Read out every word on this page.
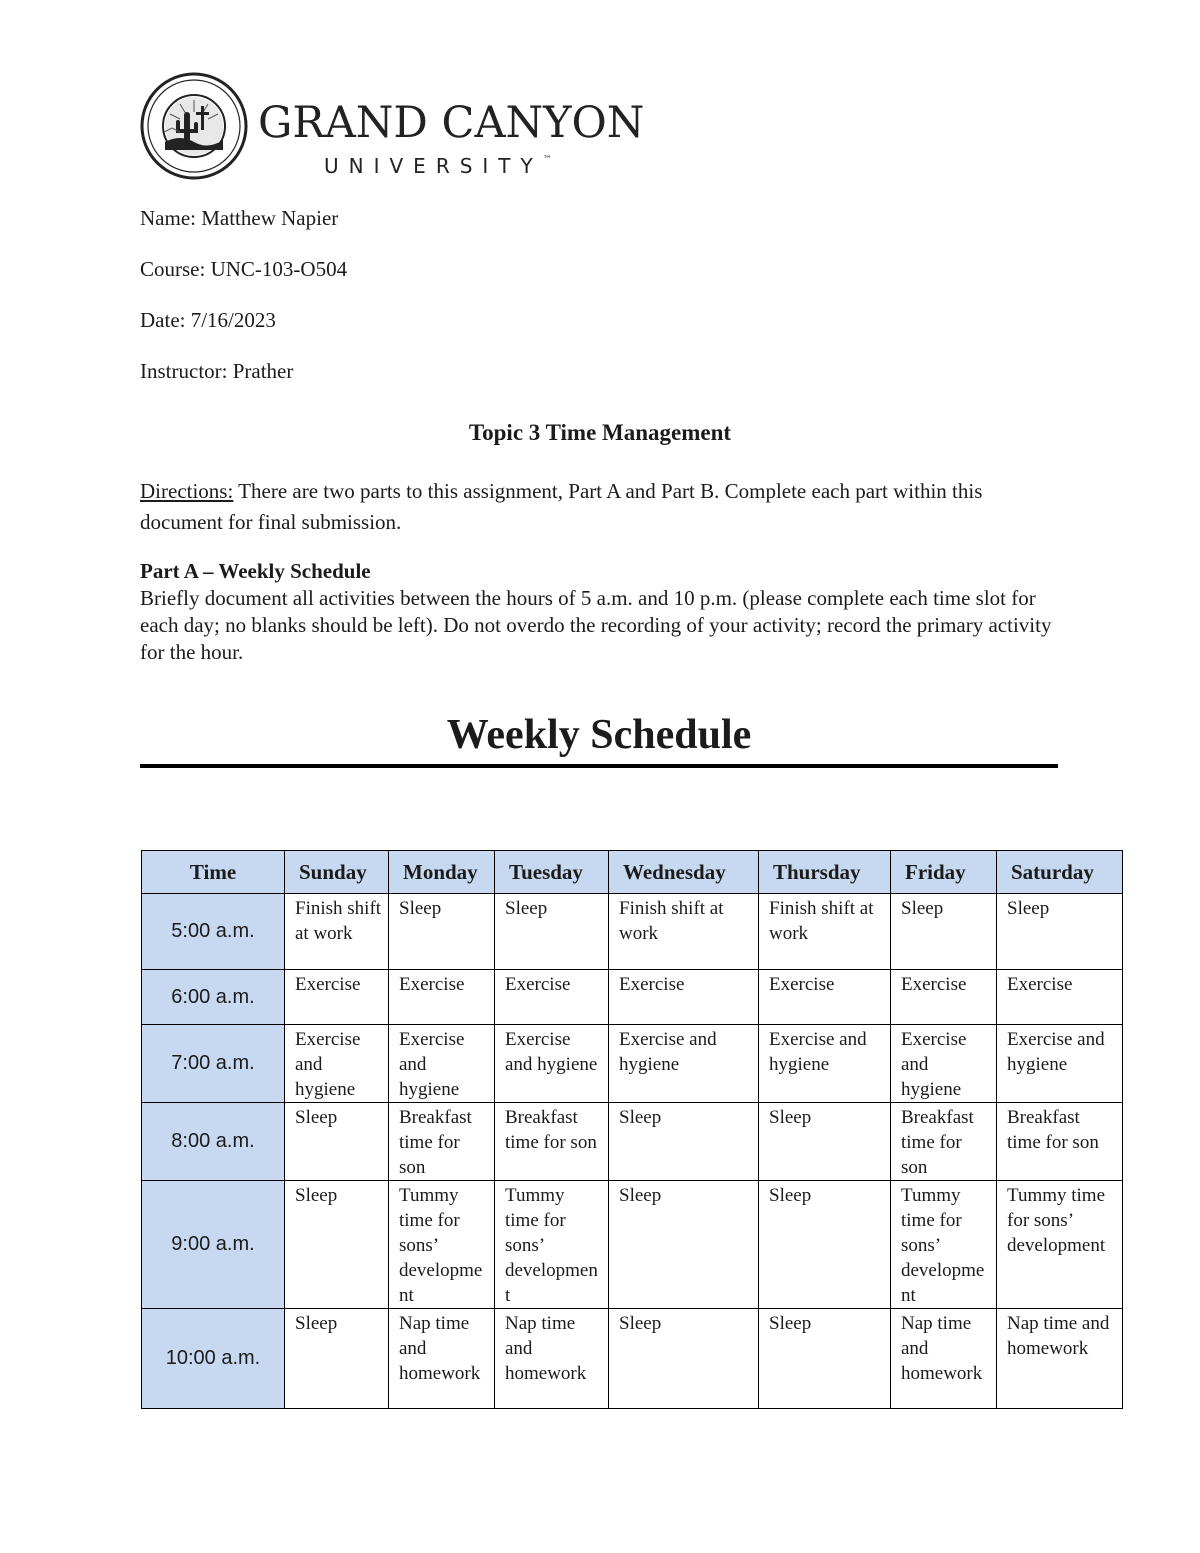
GRAND CANYON
UNIVERSITY™
Name: Matthew Napier
Course: UNC-103-O504
Date: 7/16/2023
Instructor: Prather
Topic 3 Time Management
Directions: There are two parts to this assignment, Part A and Part B. Complete each part within this document for final submission.
Part A – Weekly Schedule
Briefly document all activities between the hours of 5 a.m. and 10 p.m. (please complete each time slot for each day; no blanks should be left). Do not overdo the recording of your activity; record the primary activity for the hour.
Weekly Schedule
Time	Sunday	Monday	Tuesday	Wednesday	Thursday	Friday	Saturday
5:00 a.m.	Finish shift at work	Sleep	Sleep	Finish shift at work	Finish shift at work	Sleep	Sleep
6:00 a.m.	Exercise	Exercise	Exercise	Exercise	Exercise	Exercise	Exercise
7:00 a.m.	Exercise and hygiene	Exercise and hygiene	Exercise and hygiene	Exercise and hygiene	Exercise and hygiene	Exercise and hygiene	Exercise and hygiene
8:00 a.m.	Sleep	Breakfast time for son	Breakfast time for son	Sleep	Sleep	Breakfast time for son	Breakfast time for son
9:00 a.m.	Sleep	Tummy time for sons’ development	Tummy time for sons’ development	Sleep	Sleep	Tummy time for sons’ development	Tummy time for sons’ development
10:00 a.m.	Sleep	Nap time and homework	Nap time and homework	Sleep	Sleep	Nap time and homework	Nap time and homework
